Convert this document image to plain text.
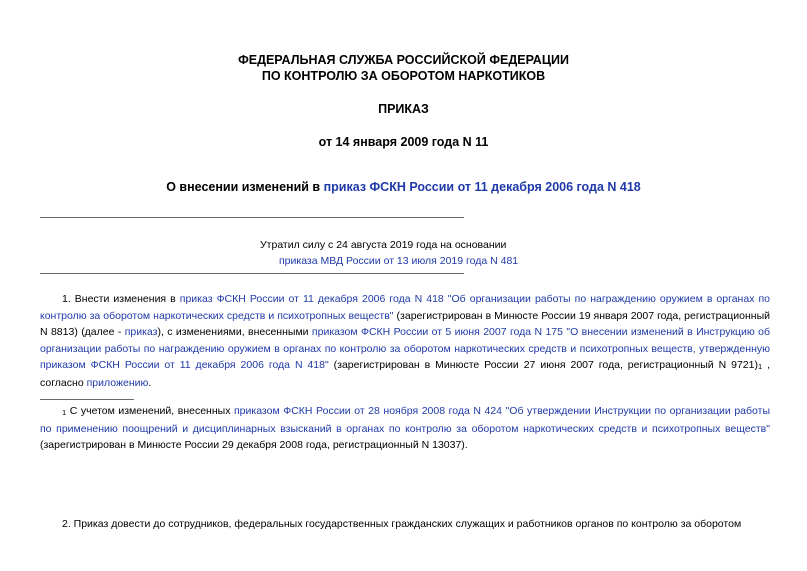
ФЕДЕРАЛЬНАЯ СЛУЖБА РОССИЙСКОЙ ФЕДЕРАЦИИ
ПО КОНТРОЛЮ ЗА ОБОРОТОМ НАРКОТИКОВ
ПРИКАЗ
от 14 января 2009 года N 11
О внесении изменений в приказ ФСКН России от 11 декабря 2006 года N 418
Утратил силу с 24 августа 2019 года на основании
приказа МВД России от 13 июля 2019 года N 481
1. Внести изменения в приказ ФСКН России от 11 декабря 2006 года N 418 "Об организации работы по награждению оружием в органах по контролю за оборотом наркотических средств и психотропных веществ" (зарегистрирован в Минюсте России 19 января 2007 года, регистрационный N 8813) (далее - приказ), с изменениями, внесенными приказом ФСКН России от 5 июня 2007 года N 175 "О внесении изменений в Инструкцию об организации работы по награждению оружием в органах по контролю за оборотом наркотических средств и психотропных веществ, утвержденную приказом ФСКН России от 11 декабря 2006 года N 418" (зарегистрирован в Минюсте России 27 июня 2007 года, регистрационный N 9721)1 , согласно приложению.
1 С учетом изменений, внесенных приказом ФСКН России от 28 ноября 2008 года N 424 "Об утверждении Инструкции по организации работы по применению поощрений и дисциплинарных взысканий в органах по контролю за оборотом наркотических средств и психотропных веществ" (зарегистрирован в Минюсте России 29 декабря 2008 года, регистрационный N 13037).
2. Приказ довести до сотрудников, федеральных государственных гражданских служащих и работников органов по контролю за оборотом
